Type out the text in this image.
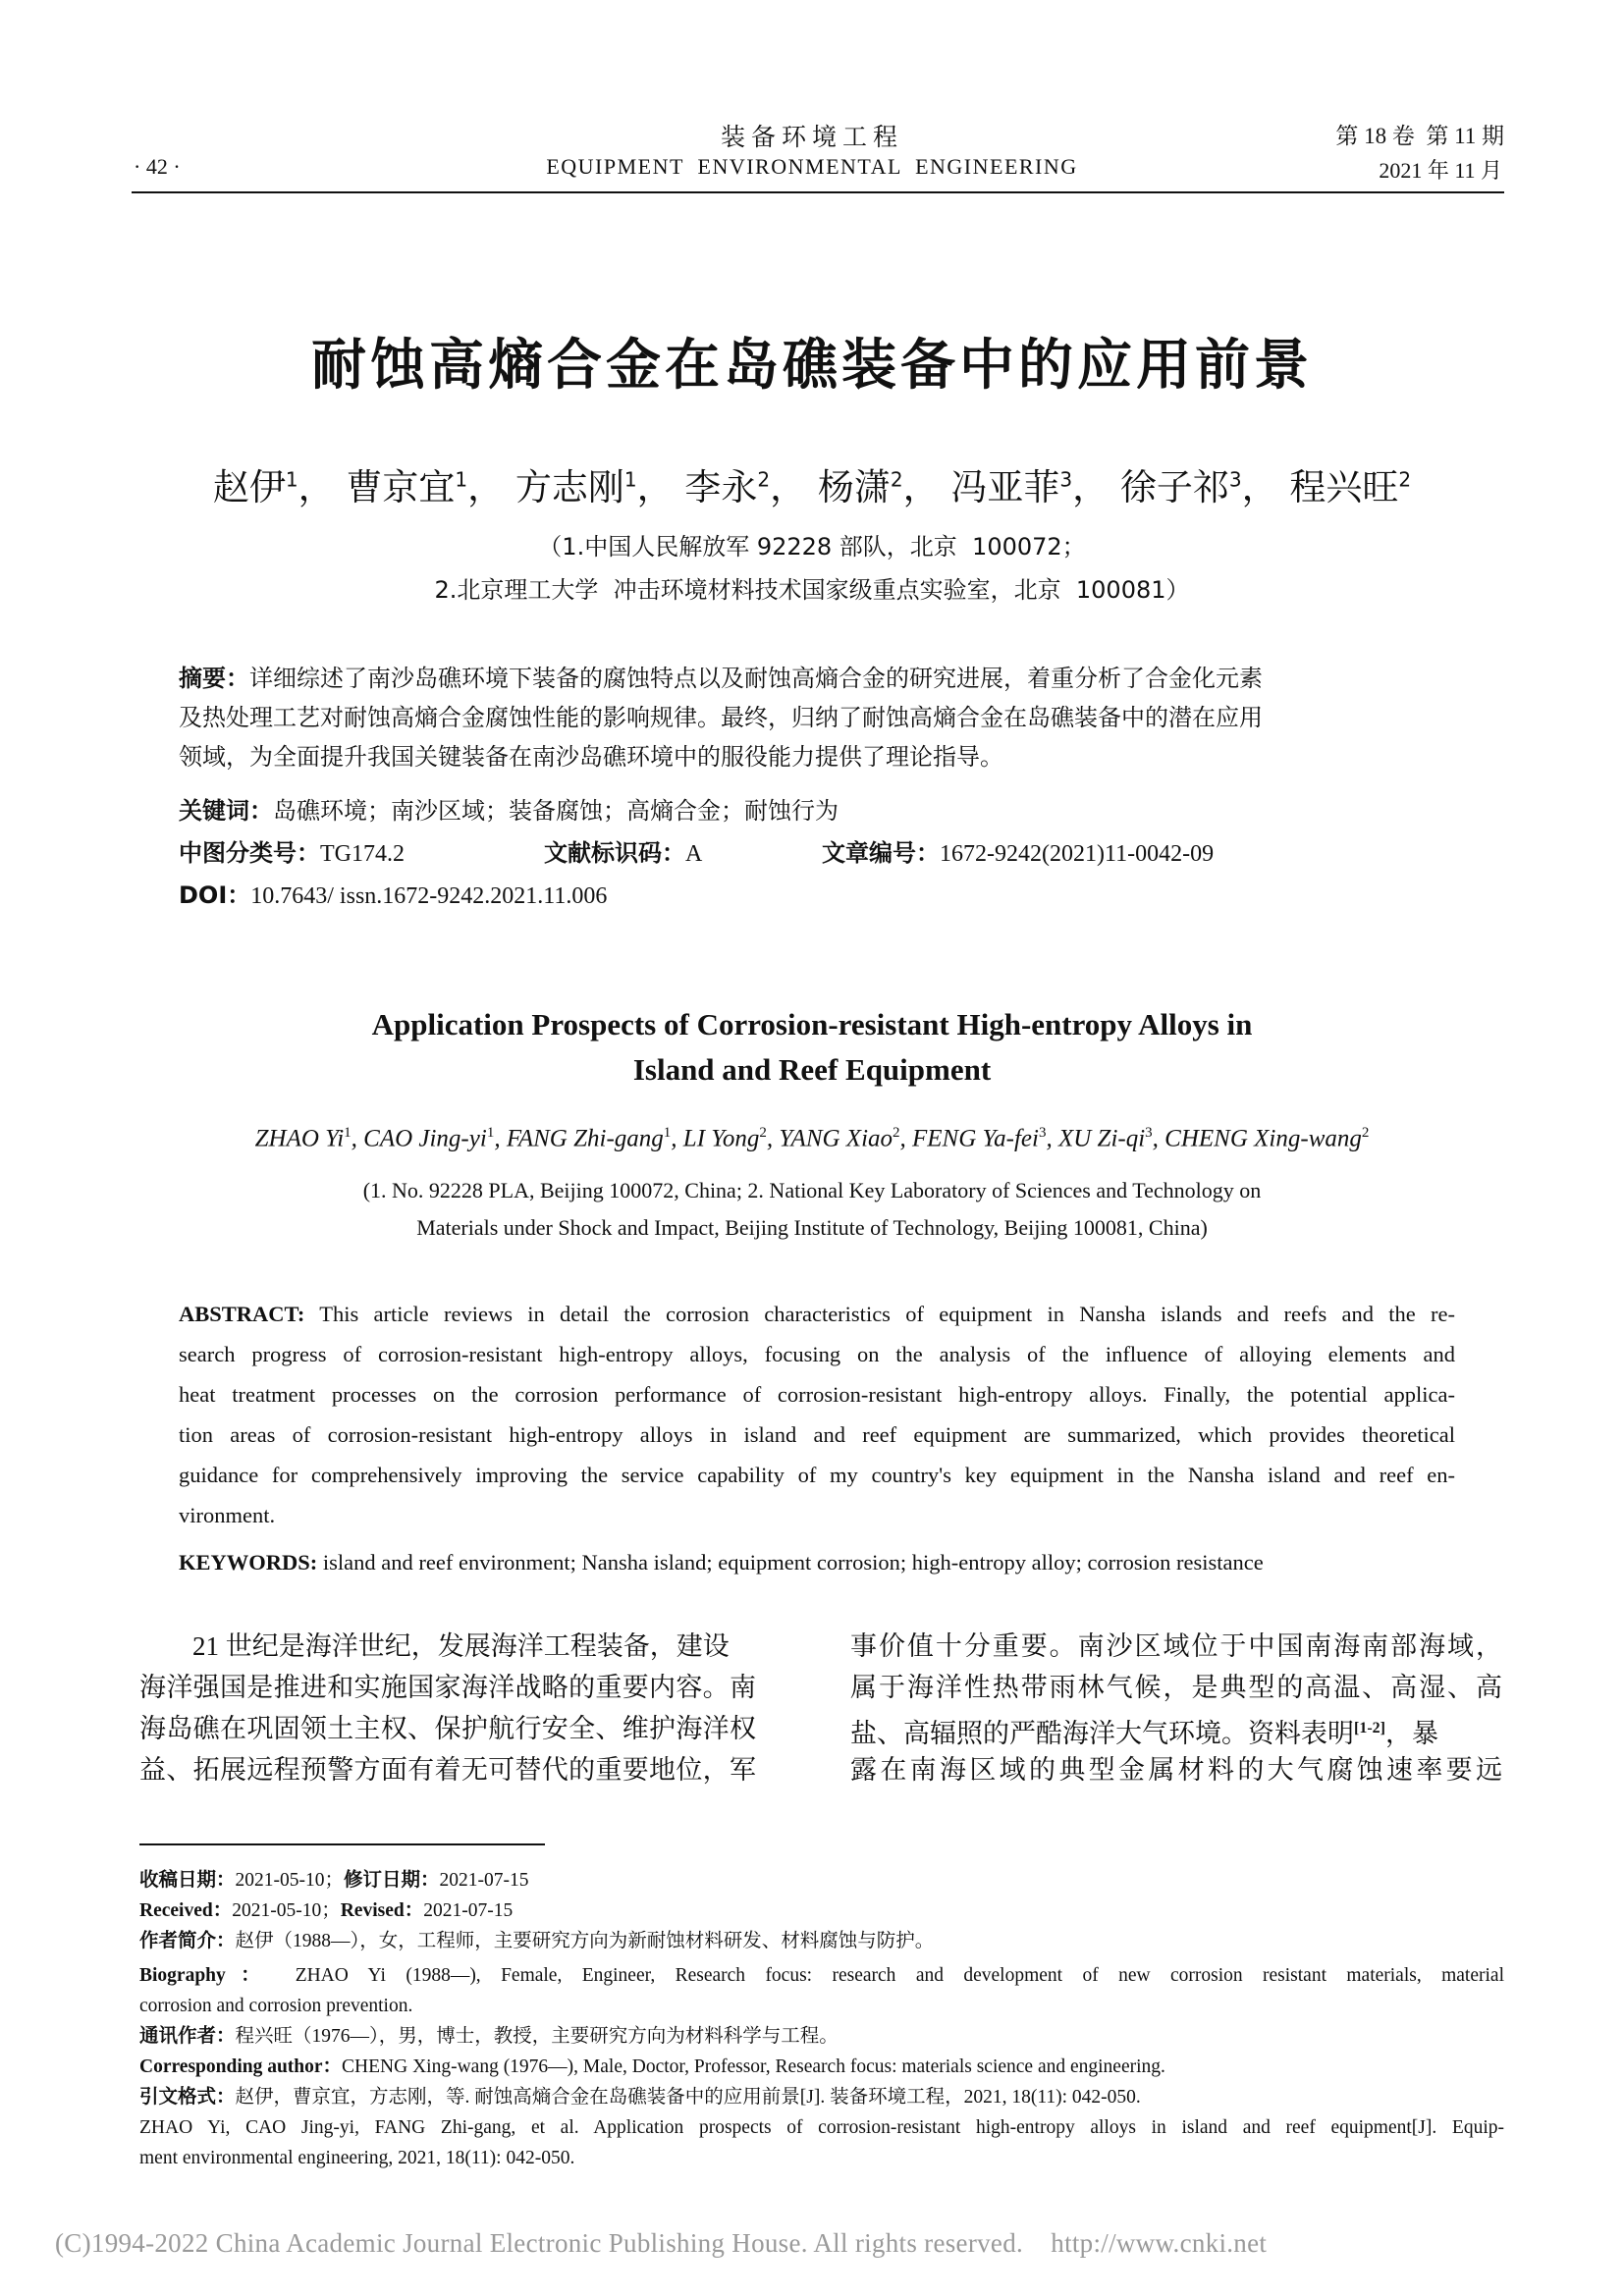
装备环境工程
EQUIPMENT  ENVIRONMENTAL  ENGINEERING
· 42 ·
第 18 卷  第 11 期
2021 年 11 月
耐蚀高熵合金在岛礁装备中的应用前景
赵伊$^1$， 曹京宜$^1$， 方志刚$^1$， 李永$^2$， 杨潇$^2$， 冯亚菲$^3$， 徐子祁$^3$， 程兴旺$^2$
（1.中国人民解放军 92228 部队，北京  100072；
2.北京理工大学  冲击环境材料技术国家级重点实验室，北京  100081）
摘要：详细综述了南沙岛礁环境下装备的腐蚀特点以及耐蚀高熵合金的研究进展，着重分析了合金化元素
及热处理工艺对耐蚀高熵合金腐蚀性能的影响规律。最终，归纳了耐蚀高熵合金在岛礁装备中的潜在应用
领域，为全面提升我国关键装备在南沙岛礁环境中的服役能力提供了理论指导。
关键词：岛礁环境；南沙区域；装备腐蚀；高熵合金；耐蚀行为
中图分类号：TG174.2	文献标识码：A	文章编号：1672-9242(2021)11-0042-09
DOI：10.7643/ issn.1672-9242.2021.11.006
Application Prospects of Corrosion-resistant High-entropy Alloys in
Island and Reef Equipment
ZHAO Yi$^1$, CAO Jing-$yi^1$, FANG Zhi-gang$^1$, LI Yong$^2$, YANG Xiao$^2$, FENG Ya-fei$^3$, XU $Zi-qi^3$, CHENG Xing-wang$^2$
(1. No. 92228 PLA, Beijing 100072, China; 2. National Key Laboratory of Sciences and Technology on
Materials under Shock and Impact, Beijing Institute of Technology, Beijing 100081, China)
ABSTRACT: This article reviews in detail the corrosion characteristics of equipment in Nansha islands and reefs and the re-
search progress of corrosion-resistant high-entropy alloys, focusing on the analysis of the influence of alloying elements and
heat treatment processes on the corrosion performance of corrosion-resistant high-entropy alloys. Finally, the potential applica-
tion areas of corrosion-resistant high-entropy alloys in island and reef equipment are summarized, which provides theoretical
guidance for comprehensively improving the service capability of my country's key equipment in the Nansha island and reef en-
vironment.
KEYWORDS: island and reef environment; Nansha island; equipment corrosion; high-entropy alloy; corrosion resistance
21 世纪是海洋世纪，发展海洋工程装备，建设
海洋强国是推进和实施国家海洋战略的重要内容。南
海岛礁在巩固领土主权、保护航行安全、维护海洋权
益、拓展远程预警方面有着无可替代的重要地位，军
事价值十分重要。南沙区域位于中国南海南部海域，
属于海洋性热带雨林气候，是典型的高温、高湿、高
盐、高辐照的严酷海洋大气环境。资料表明[1-2]，暴
露在南海区域的典型金属材料的大气腐蚀速率要远
收稿日期：2021-05-10；修订日期：2021-07-15
Received：2021-05-10；Revised：2021-07-15
作者简介：赵伊（1988—），女，工程师，主要研究方向为新耐蚀材料研发、材料腐蚀与防护。
Biography： ZHAO Yi (1988—), Female, Engineer, Research focus: research and development of new corrosion resistant materials, material
corrosion and corrosion prevention.
通讯作者：程兴旺（1976—），男，博士，教授，主要研究方向为材料科学与工程。
Corresponding author：CHENG Xing-wang (1976—), Male, Doctor, Professor, Research focus: materials science and engineering.
引文格式：赵伊，曹京宜，方志刚，等. 耐蚀高熵合金在岛礁装备中的应用前景[J]. 装备环境工程，2021, 18(11): 042-050.
ZHAO Yi, CAO Jing-yi, FANG Zhi-gang, et al. Application prospects of corrosion-resistant high-entropy alloys in island and reef equipment[J]. Equip-
ment environmental engineering, 2021, 18(11): 042-050.
(C)1994-2022 China Academic Journal Electronic Publishing House. All rights reserved.    http://www.cnki.net
